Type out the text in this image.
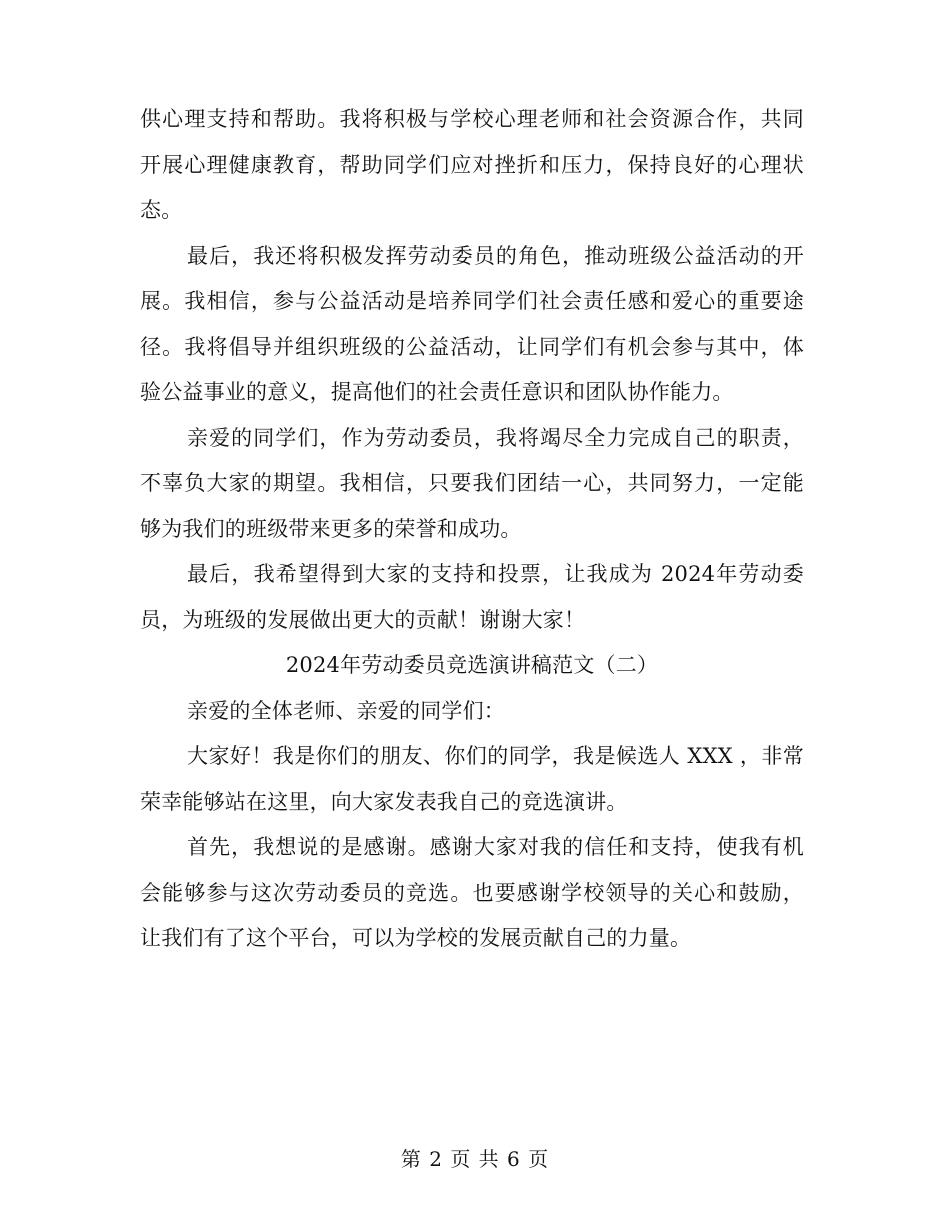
供心理支持和帮助。我将积极与学校心理老师和社会资源合作，共同
开展心理健康教育，帮助同学们应对挫折和压力，保持良好的心理状
态。
最后，我还将积极发挥劳动委员的角色，推动班级公益活动的开
展。我相信，参与公益活动是培养同学们社会责任感和爱心的重要途
径。我将倡导并组织班级的公益活动，让同学们有机会参与其中，体
验公益事业的意义，提高他们的社会责任意识和团队协作能力。
亲爱的同学们，作为劳动委员，我将竭尽全力完成自己的职责，
不辜负大家的期望。我相信，只要我们团结一心，共同努力，一定能
够为我们的班级带来更多的荣誉和成功。
最后，我希望得到大家的支持和投票，让我成为 2024年劳动委
员，为班级的发展做出更大的贡献！谢谢大家！
2024年劳动委员竞选演讲稿范文（二）
亲爱的全体老师、亲爱的同学们：
大家好！我是你们的朋友、你们的同学，我是候选人 XXX ，非常
荣幸能够站在这里，向大家发表我自己的竞选演讲。
首先，我想说的是感谢。感谢大家对我的信任和支持，使我有机
会能够参与这次劳动委员的竞选。也要感谢学校领导的关心和鼓励，
让我们有了这个平台，可以为学校的发展贡献自己的力量。
第 2 页 共 6 页
